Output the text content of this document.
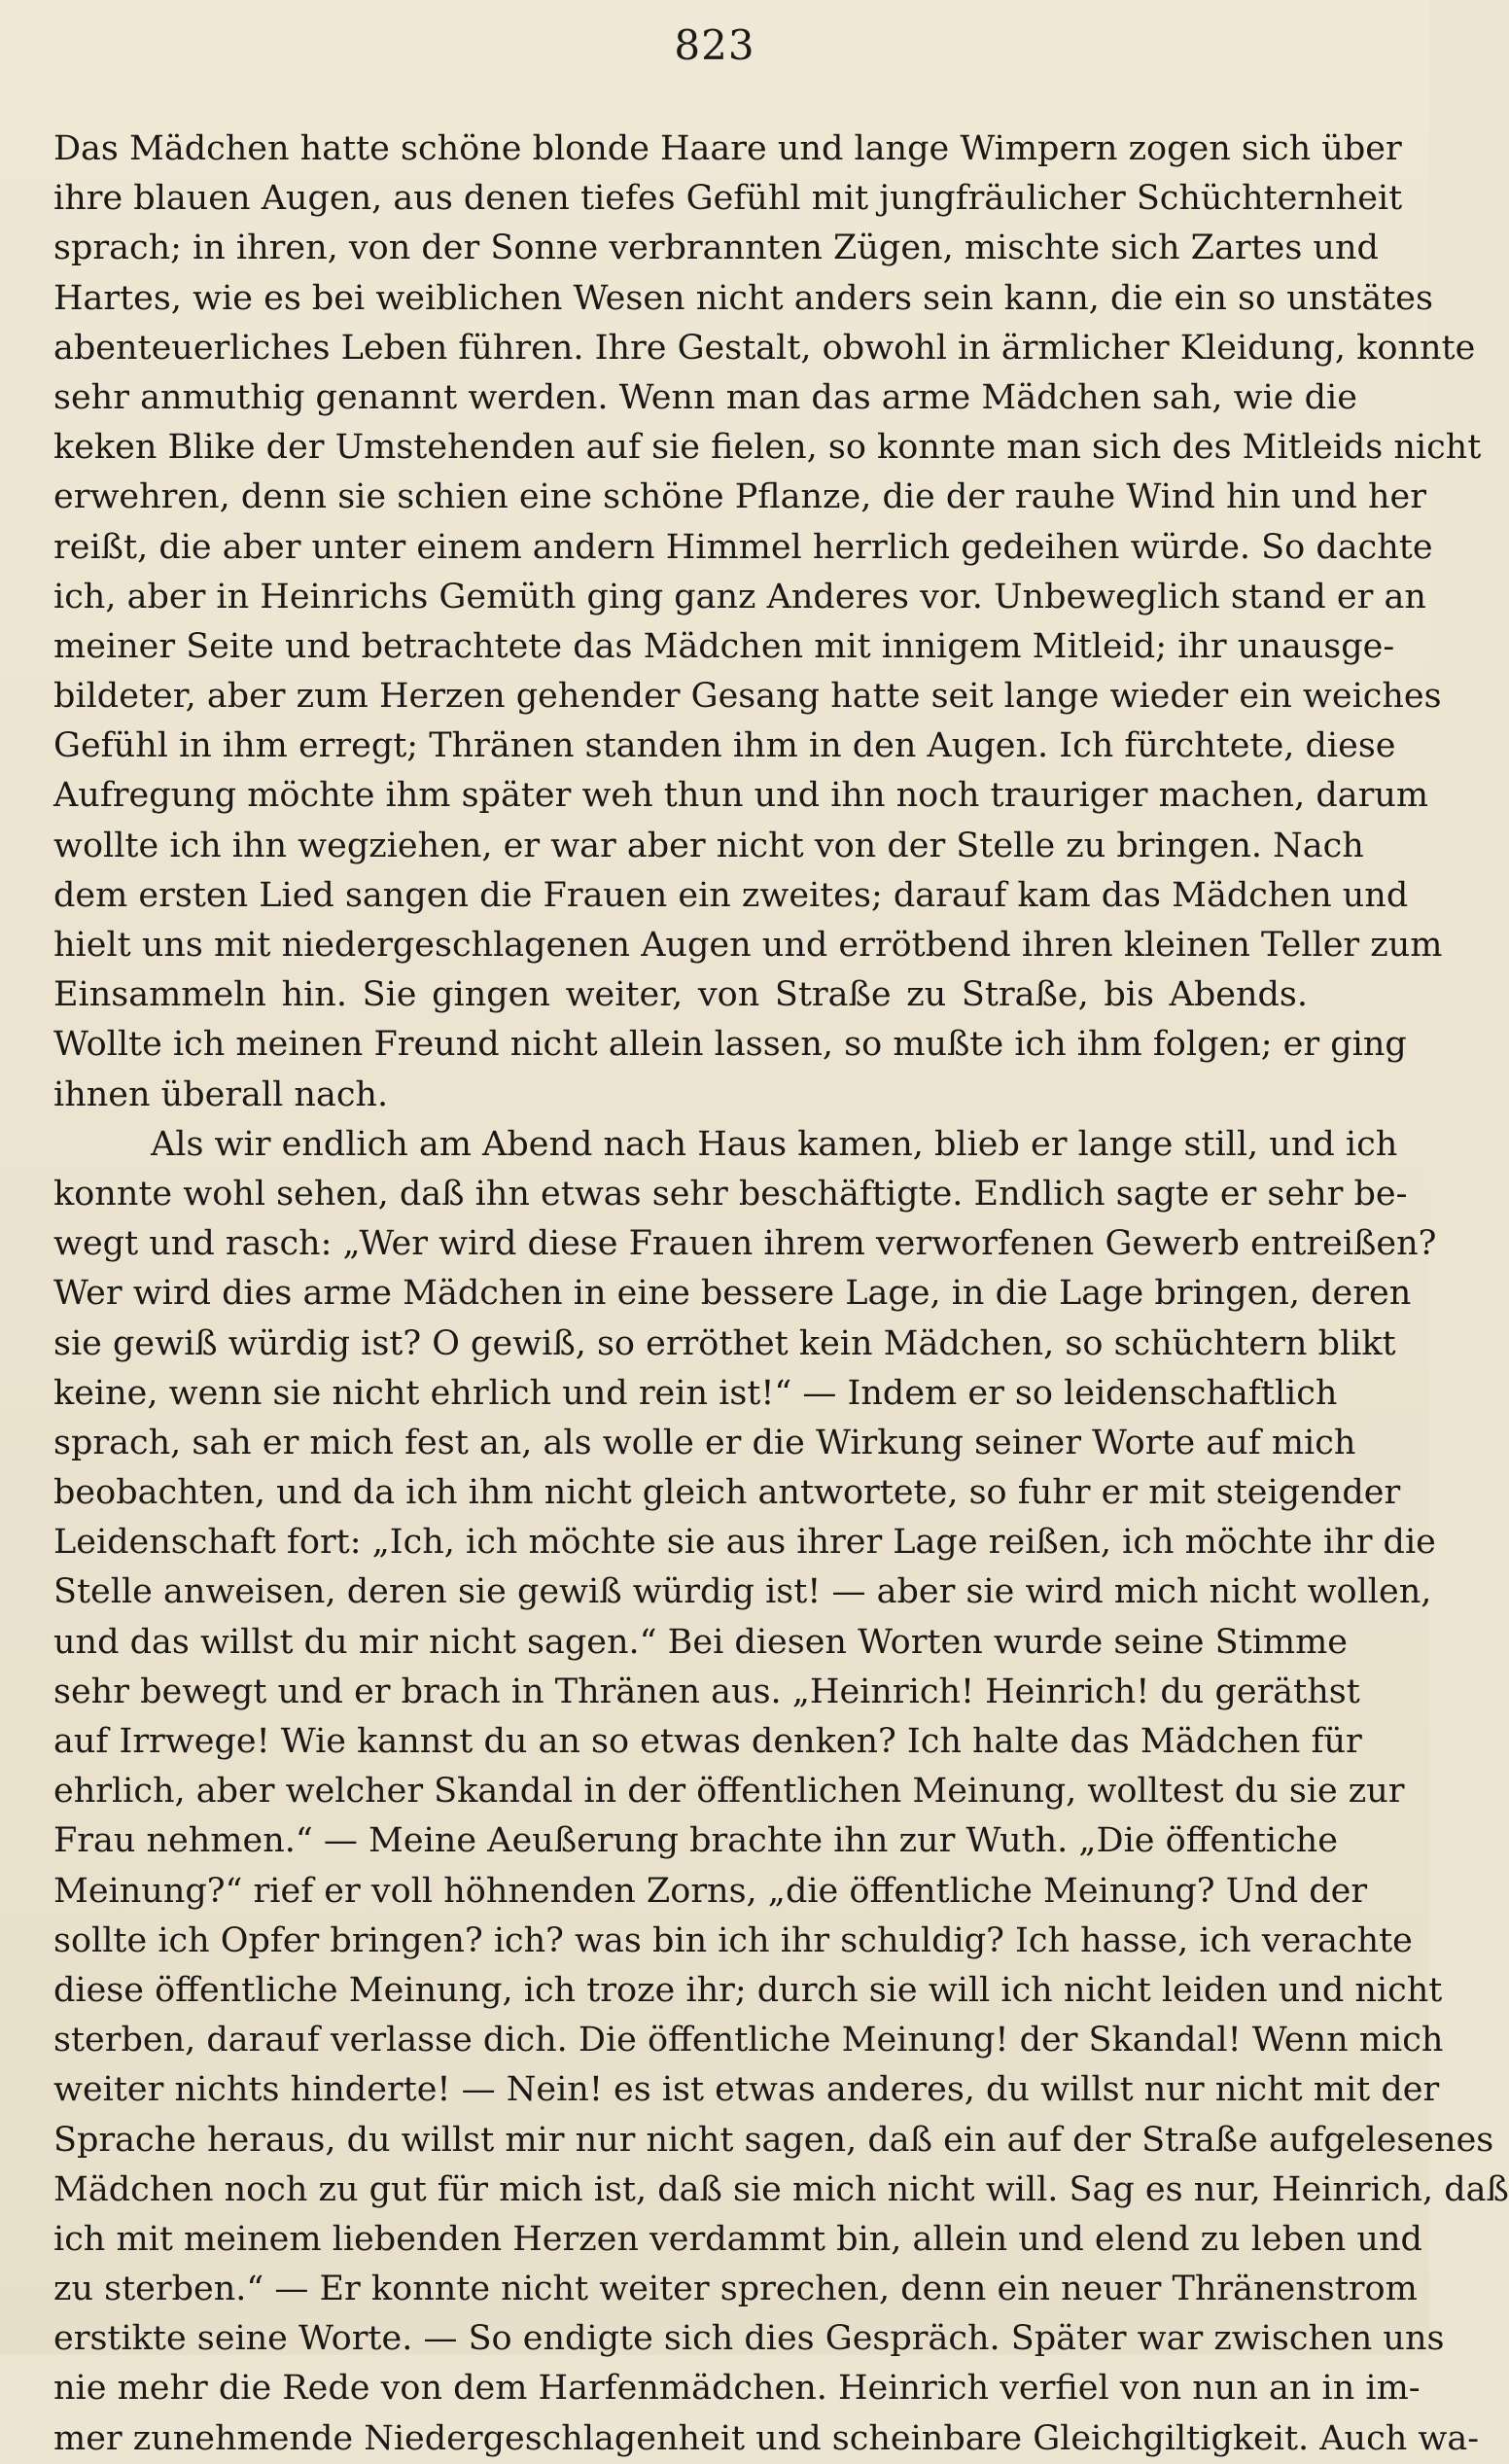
823
Das Mädchen hatte schöne blonde Haare und lange Wimpern zogen sich über
ihre blauen Augen, aus denen tiefes Gefühl mit jungfräulicher Schüchternheit
sprach; in ihren, von der Sonne verbrannten Zügen, mischte sich Zartes und
Hartes, wie es bei weiblichen Wesen nicht anders sein kann, die ein so unstätes
abenteuerliches Leben führen. Ihre Gestalt, obwohl in ärmlicher Kleidung, konnte
sehr anmuthig genannt werden. Wenn man das arme Mädchen sah, wie die
keken Blike der Umstehenden auf sie fielen, so konnte man sich des Mitleids nicht
erwehren, denn sie schien eine schöne Pflanze, die der rauhe Wind hin und her
reißt, die aber unter einem andern Himmel herrlich gedeihen würde. So dachte
ich, aber in Heinrichs Gemüth ging ganz Anderes vor. Unbeweglich stand er an
meiner Seite und betrachtete das Mädchen mit innigem Mitleid; ihr unausge-
bildeter, aber zum Herzen gehender Gesang hatte seit lange wieder ein weiches
Gefühl in ihm erregt; Thränen standen ihm in den Augen. Ich fürchtete, diese
Aufregung möchte ihm später weh thun und ihn noch trauriger machen, darum
wollte ich ihn wegziehen, er war aber nicht von der Stelle zu bringen. Nach
dem ersten Lied sangen die Frauen ein zweites; darauf kam das Mädchen und
hielt uns mit niedergeschlagenen Augen und errötbend ihren kleinen Teller zum
Einsammeln hin. Sie gingen weiter, von Straße zu Straße, bis Abends.
Wollte ich meinen Freund nicht allein lassen, so mußte ich ihm folgen; er ging
ihnen überall nach.
Als wir endlich am Abend nach Haus kamen, blieb er lange still, und ich
konnte wohl sehen, daß ihn etwas sehr beschäftigte. Endlich sagte er sehr be-
wegt und rasch: „Wer wird diese Frauen ihrem verworfenen Gewerb entreißen?
Wer wird dies arme Mädchen in eine bessere Lage, in die Lage bringen, deren
sie gewiß würdig ist? O gewiß, so erröthet kein Mädchen, so schüchtern blikt
keine, wenn sie nicht ehrlich und rein ist!“ — Indem er so leidenschaftlich
sprach, sah er mich fest an, als wolle er die Wirkung seiner Worte auf mich
beobachten, und da ich ihm nicht gleich antwortete, so fuhr er mit steigender
Leidenschaft fort: „Ich, ich möchte sie aus ihrer Lage reißen, ich möchte ihr die
Stelle anweisen, deren sie gewiß würdig ist! — aber sie wird mich nicht wollen,
und das willst du mir nicht sagen.“ Bei diesen Worten wurde seine Stimme
sehr bewegt und er brach in Thränen aus. „Heinrich! Heinrich! du geräthst
auf Irrwege! Wie kannst du an so etwas denken? Ich halte das Mädchen für
ehrlich, aber welcher Skandal in der öffentlichen Meinung, wolltest du sie zur
Frau nehmen.“ — Meine Aeußerung brachte ihn zur Wuth. „Die öffentiche
Meinung?“ rief er voll höhnenden Zorns, „die öffentliche Meinung? Und der
sollte ich Opfer bringen? ich? was bin ich ihr schuldig? Ich hasse, ich verachte
diese öffentliche Meinung, ich troze ihr; durch sie will ich nicht leiden und nicht
sterben, darauf verlasse dich. Die öffentliche Meinung! der Skandal! Wenn mich
weiter nichts hinderte! — Nein! es ist etwas anderes, du willst nur nicht mit der
Sprache heraus, du willst mir nur nicht sagen, daß ein auf der Straße aufgelesenes
Mädchen noch zu gut für mich ist, daß sie mich nicht will. Sag es nur, Heinrich, daß
ich mit meinem liebenden Herzen verdammt bin, allein und elend zu leben und
zu sterben.“ — Er konnte nicht weiter sprechen, denn ein neuer Thränenstrom
erstikte seine Worte. — So endigte sich dies Gespräch. Später war zwischen uns
nie mehr die Rede von dem Harfenmädchen. Heinrich verfiel von nun an in im-
mer zunehmende Niedergeschlagenheit und scheinbare Gleichgiltigkeit. Auch wa-
